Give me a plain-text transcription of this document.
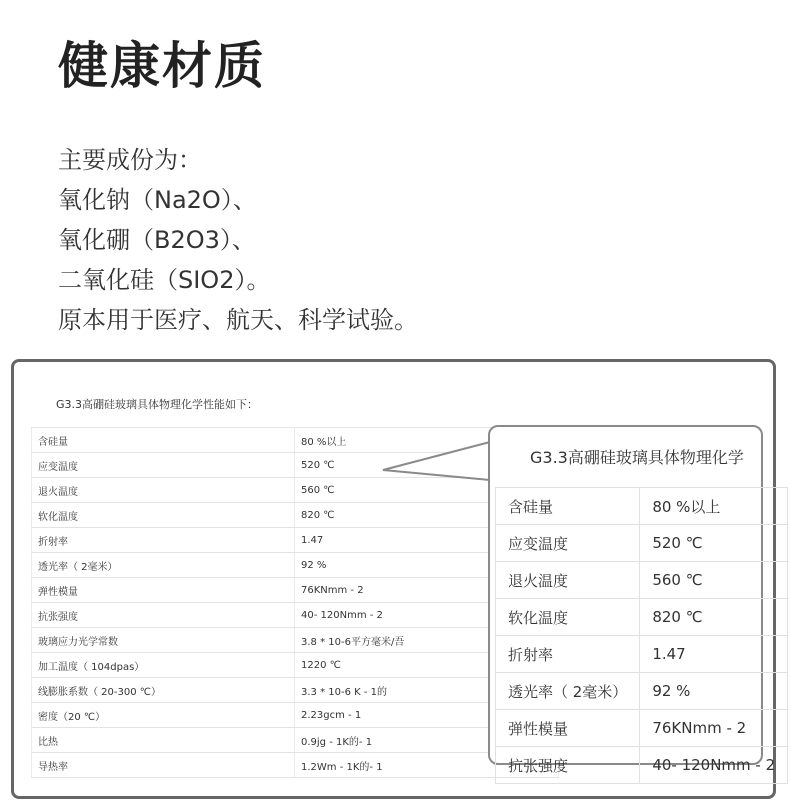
健康材质
主要成份为：
氧化钠（Na2O）、
氧化硼（B2O3）、
二氧化硅（SIO2）。
原本用于医疗、航天、科学试验。
G3.3高硼硅玻璃具体物理化学性能如下：
含硅量	80 %以上
应变温度	520 ℃
退火温度	560 ℃
软化温度	820 ℃
折射率	1.47
透光率（ 2毫米）	92 %
弹性模量	76KNmm - 2
抗张强度	40- 120Nmm - 2
玻璃应力光学常数	3.8 * 10-6平方毫米/吾
加工温度（ 104dpas）	1220 ℃
线膨胀系数（ 20-300 ℃）	3.3 * 10-6 K - 1的
密度（20 ℃）	2.23gcm - 1
比热	0.9jg - 1K的- 1
导热率	1.2Wm - 1K的- 1
G3.3高硼硅玻璃具体物理化学
含硅量	80 %以上
应变温度	520 ℃
退火温度	560 ℃
软化温度	820 ℃
折射率	1.47
透光率（ 2毫米）	92 %
弹性模量	76KNmm - 2
抗张强度	40- 120Nmm - 2
